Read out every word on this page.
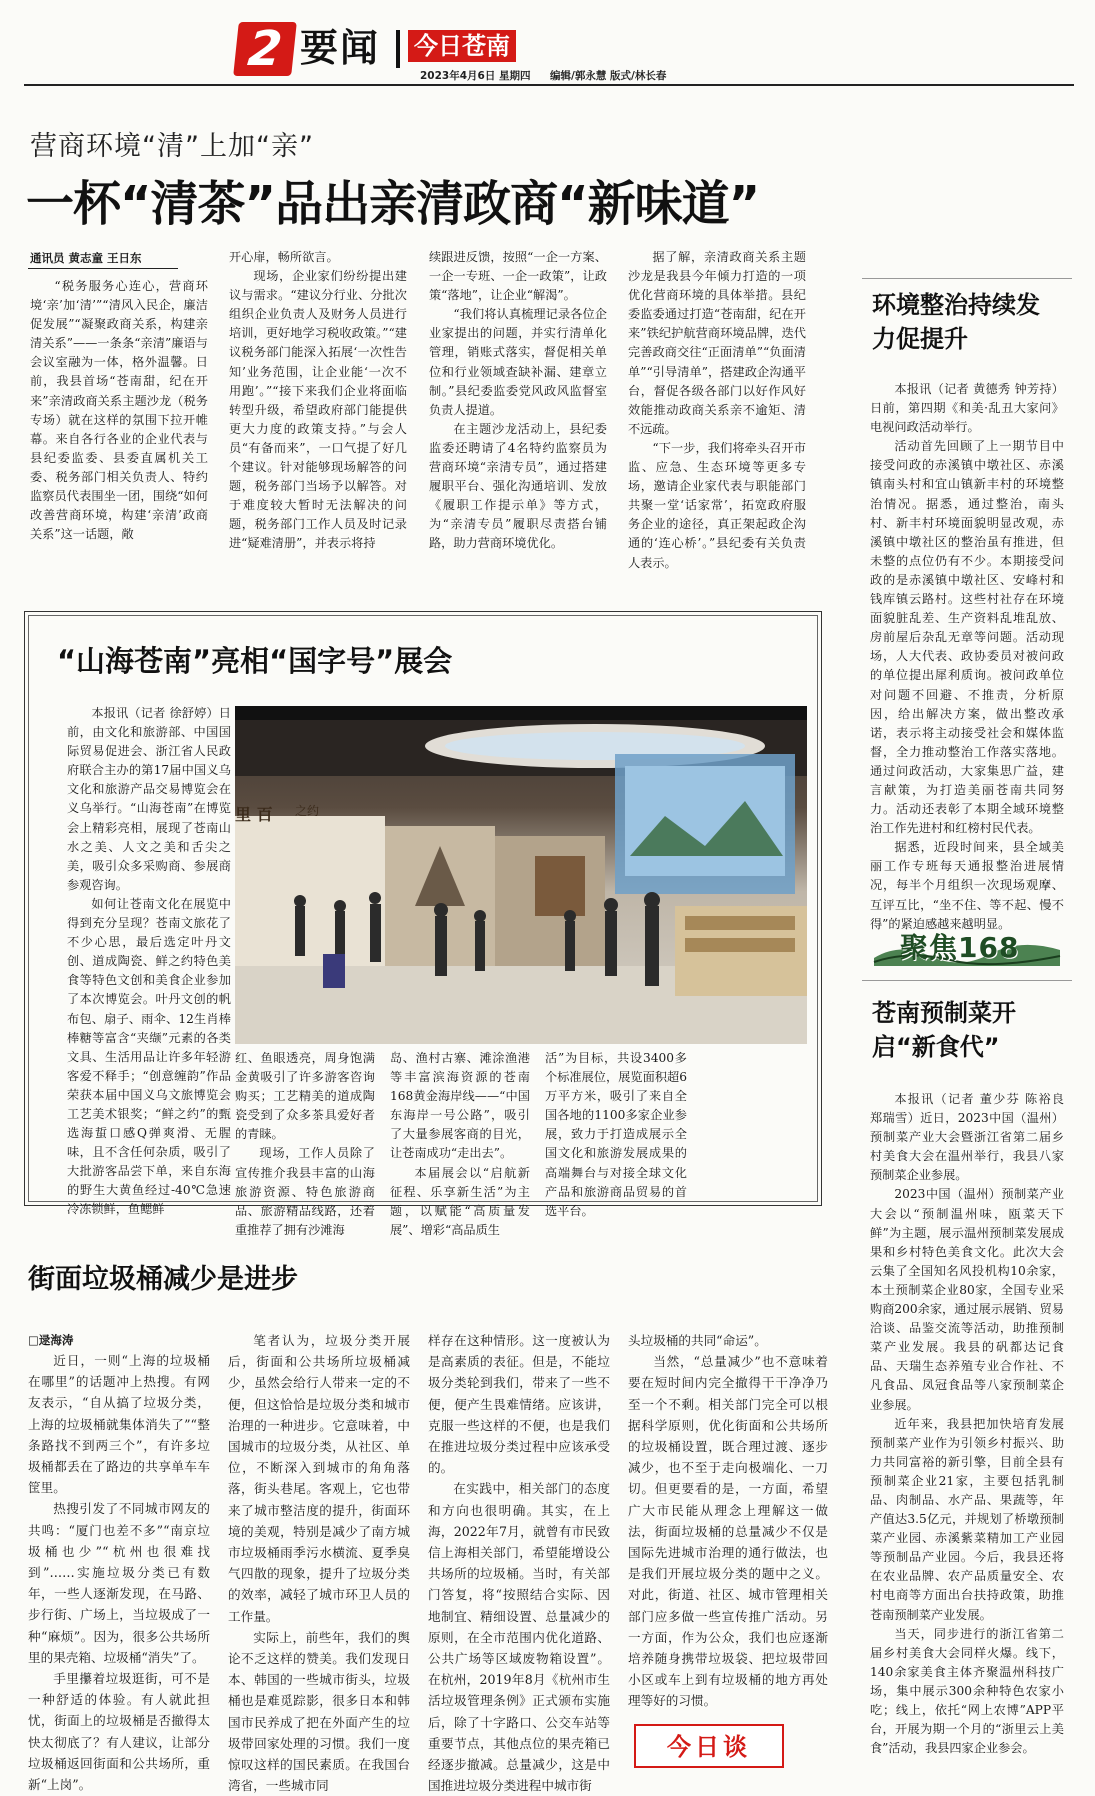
2 要闻 今日苍南
2023年4月6日 星期四 编辑/郭永慧 版式/林长春
营商环境“清”上加“亲”
一杯“清茶”品出亲清政商“新味道”
通讯员 黄志童 王日东

“税务服务心连心，营商环境‘亲’加‘清’”“清风入民企，廉洁促发展”“凝聚政商关系，构建亲清关系”——一条条“亲清”廉语与会议室融为一体，格外温馨。日前，我县首场“苍南甜，纪在开来”亲清政商关系主题沙龙（税务专场）就在这样的氛围下拉开帷幕。来自各行各业的企业代表与县纪委监委、县委直属机关工委、税务部门相关负责人、特约监察员代表围坐一团，围绕“如何改善营商环境，构建‘亲清’政商关系”这一话题，敞

开心扉，畅所欲言。

现场，企业家们纷纷提出建议与需求。“建议分行业、分批次组织企业负责人及财务人员进行培训，更好地学习税收政策。”“建议税务部门能深入拓展‘一次性告知’业务范围，让企业能‘一次不用跑’。”“接下来我们企业将面临转型升级，希望政府部门能提供更大力度的政策支持。”与会人员“有备而来”，一口气提了好几个建议。针对能够现场解答的问题，税务部门当场予以解答。对于难度较大暂时无法解决的问题，税务部门工作人员及时记录进“疑难清册”，并表示将持

续跟进反馈，按照“一企一方案、一企一专班、一企一政策”，让政策“落地”，让企业“解渴”。

“我们将认真梳理记录各位企业家提出的问题，并实行清单化管理，销账式落实，督促相关单位和行业领域查缺补漏、建章立制。”县纪委监委党风政风监督室负责人提道。

在主题沙龙活动上，县纪委监委还聘请了4名特约监察员为营商环境“亲清专员”，通过搭建履职平台、强化沟通培训、发放《履职工作提示单》等方式，为“亲清专员”履职尽责搭台铺路，助力营商环境优化。

据了解，亲清政商关系主题沙龙是我县今年倾力打造的一项优化营商环境的具体举措。县纪委监委通过打造“苍南甜，纪在开来”铁纪护航营商环境品牌，迭代完善政商交往“正面清单”“负面清单”“引导清单”，搭建政企沟通平台，督促各级各部门以好作风好效能推动政商关系亲不逾矩、清不远疏。

“下一步，我们将牵头召开市监、应急、生态环境等更多专场，邀请企业家代表与职能部门共聚一堂‘话家常’，拓宽政府服务企业的途径，真正架起政企沟通的‘连心桥’。”县纪委有关负责人表示。

“山海苍南”亮相“国字号”展会

本报讯（记者 徐舒婷）日前，由文化和旅游部、中国国际贸易促进会、浙江省人民政府联合主办的第17届中国义乌文化和旅游产品交易博览会在义乌举行。“山海苍南”在博览会上精彩亮相，展现了苍南山水之美、人文之美和舌尖之美，吸引众多采购商、参展商参观咨询。

如何让苍南文化在展览中得到充分呈现？苍南文旅花了不少心思，最后选定叶丹文创、道成陶瓷、鲜之约特色美食等特色文创和美食企业参加了本次博览会。叶丹文创的帆布包、扇子、雨伞、12生肖棒棒糖等富含“夹缬”元素的各类文具、生活用品让许多年轻游客爱不释手；“创意缠韵”作品荣获本届中国义乌文旅博览会工艺美术银奖；“鲜之约”的甄选海蜇口感Q弹爽滑、无腥味，且不含任何杂质，吸引了大批游客品尝下单，来自东海的野生大黄鱼经过-40℃急速冷冻锁鲜，鱼鳃鲜

里 百 之约

红、鱼眼透亮，周身饱满金黄吸引了许多游客咨询购买；工艺精美的道成陶瓷受到了众多茶具爱好者的青睐。

现场，工作人员除了宣传推介我县丰富的山海旅游资源、特色旅游商品、旅游精品线路，还着重推荐了拥有沙滩海

岛、渔村古寨、滩涂渔港等丰富滨海资源的苍南168黄金海岸线——“中国东海岸一号公路”，吸引了大量参展客商的目光，让苍南成功“走出去”。

本届展会以“启航新征程、乐享新生活”为主题，以赋能“高质量发展”、增彩“高品质生

活”为目标，共设3400多个标准展位，展览面积超6万平方米，吸引了来自全国各地的1100多家企业参展，致力于打造成展示全国文化和旅游发展成果的高端舞台与对接全球文化产品和旅游商品贸易的首选平台。

环境整治持续发力促提升

本报讯（记者 黄德秀 钟芳持）日前，第四期《和美·乱丑大家问》电视问政活动举行。

活动首先回顾了上一期节目中接受问政的赤溪镇中墩社区、赤溪镇南头村和宜山镇新丰村的环境整治情况。据悉，通过整治，南头村、新丰村环境面貌明显改观，赤溪镇中墩社区的整治虽有推进，但未整的点位仍有不少。本期接受问政的是赤溪镇中墩社区、安峰村和钱库镇云路村。这些村社存在环境面貌脏乱差、生产资料乱堆乱放、房前屋后杂乱无章等问题。活动现场，人大代表、政协委员对被问政的单位提出犀利质询。被问政单位对问题不回避、不推责，分析原因，给出解决方案，做出整改承诺，表示将主动接受社会和媒体监督，全力推动整治工作落实落地。通过问政活动，大家集思广益，建言献策，为打造美丽苍南共同努力。活动还表彰了本期全域环境整治工作先进村和红榜村民代表。

据悉，近段时间来，县全域美丽工作专班每天通报整治进展情况，每半个月组织一次现场观摩、互评互比，“坐不住、等不起、慢不得”的紧迫感越来越明显。

聚焦168
苍南预制菜开启“新食代”

本报讯（记者 董少芬 陈裕良 郑瑞雪）近日，2023中国（温州）预制菜产业大会暨浙江省第二届乡村美食大会在温州举行，我县八家预制菜企业参展。

2023中国（温州）预制菜产业大会以“预制温州味，瓯菜天下鲜”为主题，展示温州预制菜发展成果和乡村特色美食文化。此次大会云集了全国知名风投机构10余家，本土预制菜企业80家，全国专业采购商200余家，通过展示展销、贸易洽谈、品鉴交流等活动，助推预制菜产业发展。我县的矾都达记食品、天瑞生态养殖专业合作社、不凡食品、凤冠食品等八家预制菜企业参展。

近年来，我县把加快培育发展预制菜产业作为引领乡村振兴、助力共同富裕的新引擎，目前全县有预制菜企业21家，主要包括乳制品、肉制品、水产品、果蔬等，年产值达3.5亿元，并规划了桥墩预制菜产业园、赤溪紫菜精加工产业园等预制品产业园。今后，我县还将在农业品牌、农产品质量安全、农村电商等方面出台扶持政策，助推苍南预制菜产业发展。

当天，同步进行的浙江省第二届乡村美食大会同样火爆。线下，140余家美食主体齐聚温州科技广场，集中展示300余种特色农家小吃；线上，依托“网上农博”APP平台，开展为期一个月的“浙里云上美食”活动，我县四家企业参会。

街面垃圾桶减少是进步
□逯海涛

近日，一则“上海的垃圾桶在哪里”的话题冲上热搜。有网友表示，“自从搞了垃圾分类，上海的垃圾桶就集体消失了”“整条路找不到两三个”，有许多垃圾桶都丢在了路边的共享单车车筐里。

热搜引发了不同城市网友的共鸣：“厦门也差不多”“南京垃圾桶也少”“杭州也很难找到”……实施垃圾分类已有数年，一些人逐渐发现，在马路、步行街、广场上，当垃圾成了一种“麻烦”。因为，很多公共场所里的果壳箱、垃圾桶“消失”了。

手里攥着垃圾逛街，可不是一种舒适的体验。有人就此担忧，街面上的垃圾桶是否撤得太快太彻底了？有人建议，让部分垃圾桶返回街面和公共场所，重新“上岗”。

笔者认为，垃圾分类开展后，街面和公共场所垃圾桶减少，虽然会给行人带来一定的不便，但这恰恰是垃圾分类和城市治理的一种进步。它意味着，中国城市的垃圾分类，从社区、单位，不断深入到城市的角角落落，街头巷尾。客观上，它也带来了城市整洁度的提升，街面环境的美观，特别是减少了南方城市垃圾桶雨季污水横流、夏季臭气四散的现象，提升了垃圾分类的效率，减轻了城市环卫人员的工作量。

实际上，前些年，我们的舆论不乏这样的赞美。我们发现日本、韩国的一些城市街头，垃圾桶也是难觅踪影，很多日本和韩国市民养成了把在外面产生的垃圾带回家处理的习惯。我们一度惊叹这样的国民素质。在我国台湾省，一些城市同

样存在这种情形。这一度被认为是高素质的表征。但是，不能垃圾分类轮到我们，带来了一些不便，便产生畏难情绪。应该讲，克服一些这样的不便，也是我们在推进垃圾分类过程中应该承受的。

在实践中，相关部门的态度和方向也很明确。其实，在上海，2022年7月，就曾有市民致信上海相关部门，希望能增设公共场所的垃圾桶。当时，有关部门答复，将“按照结合实际、因地制宜、精细设置、总量减少的原则，在全市范围内优化道路、公共广场等区域废物箱设置”。在杭州，2019年8月《杭州市生活垃圾管理条例》正式颁布实施后，除了十字路口、公交车站等重要节点，其他点位的果壳箱已经逐步撤减。总量减少，这是中国推进垃圾分类进程中城市街

头垃圾桶的共同“命运”。

当然，“总量减少”也不意味着要在短时间内完全撤得干干净净乃至一个不剩。相关部门完全可以根据科学原则，优化街面和公共场所的垃圾桶设置，既合理过渡、逐步减少，也不至于走向极端化、一刀切。但更要看的是，一方面，希望广大市民能从理念上理解这一做法，街面垃圾桶的总量减少不仅是国际先进城市治理的通行做法，也是我们开展垃圾分类的题中之义。对此，街道、社区、城市管理相关部门应多做一些宣传推广活动。另一方面，作为公众，我们也应逐渐培养随身携带垃圾袋、把垃圾带回小区或车上到有垃圾桶的地方再处理等好的习惯。

今日谈
